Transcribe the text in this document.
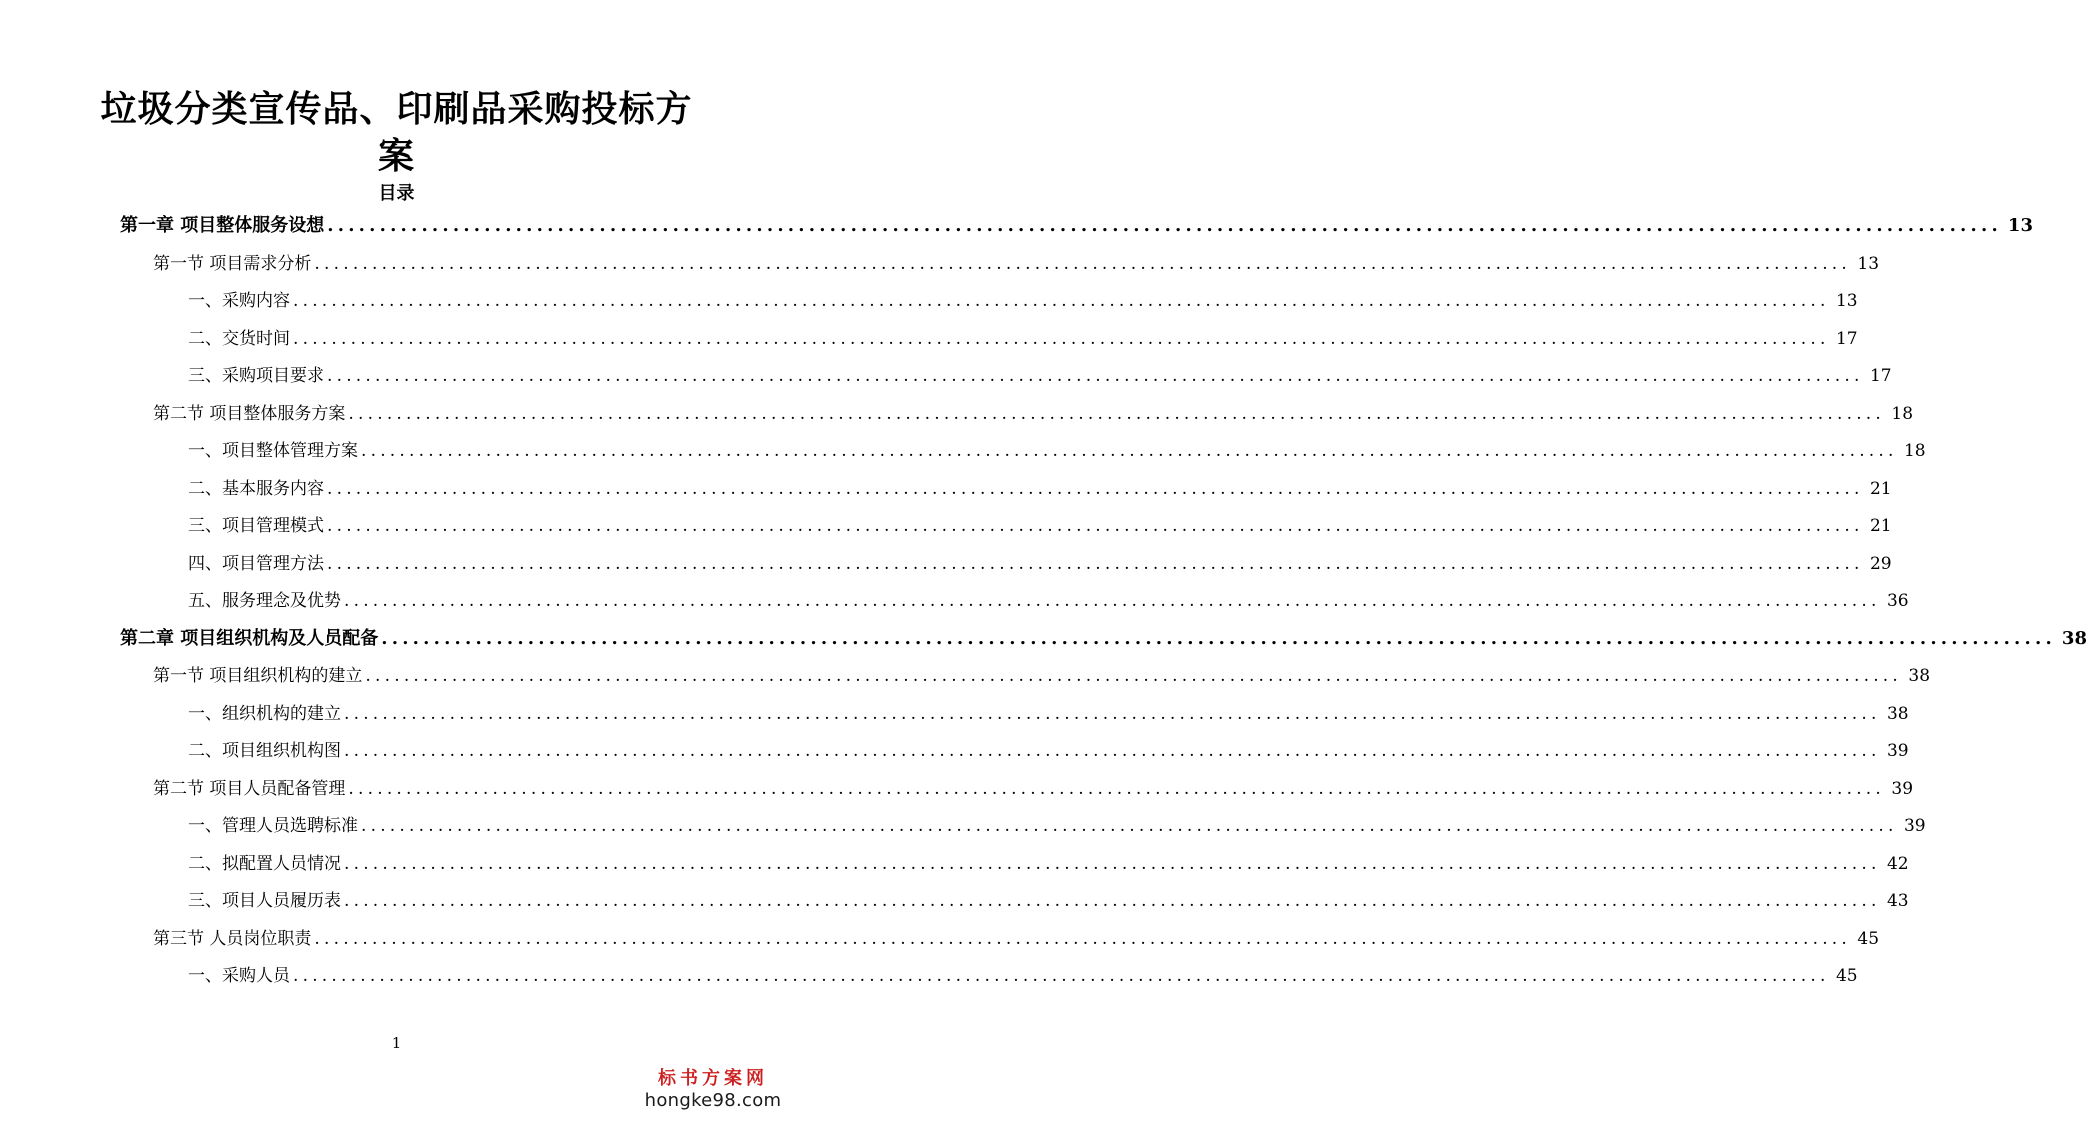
垃圾分类宣传品、印刷品采购投标方
案
目录
第一章 项目整体服务设想 ................................................................................................................................................................ 13
第一节 项目需求分析 ................................................................................................................................................................ 13
一、采购内容 ................................................................................................................................................................ 13
二、交货时间 ................................................................................................................................................................ 17
三、采购项目要求 ................................................................................................................................................................ 17
第二节 项目整体服务方案 ................................................................................................................................................................ 18
一、项目整体管理方案 ................................................................................................................................................................ 18
二、基本服务内容 ................................................................................................................................................................ 21
三、项目管理模式 ................................................................................................................................................................ 21
四、项目管理方法 ................................................................................................................................................................ 29
五、服务理念及优势 ................................................................................................................................................................ 36
第二章 项目组织机构及人员配备 ................................................................................................................................................................ 38
第一节 项目组织机构的建立 ................................................................................................................................................................ 38
一、组织机构的建立 ................................................................................................................................................................ 38
二、项目组织机构图 ................................................................................................................................................................ 39
第二节 项目人员配备管理 ................................................................................................................................................................ 39
一、管理人员选聘标准 ................................................................................................................................................................ 39
二、拟配置人员情况 ................................................................................................................................................................ 42
三、项目人员履历表 ................................................................................................................................................................ 43
第三节 人员岗位职责 ................................................................................................................................................................ 45
一、采购人员 ................................................................................................................................................................ 45
1
标书方案网
hongke98.com
